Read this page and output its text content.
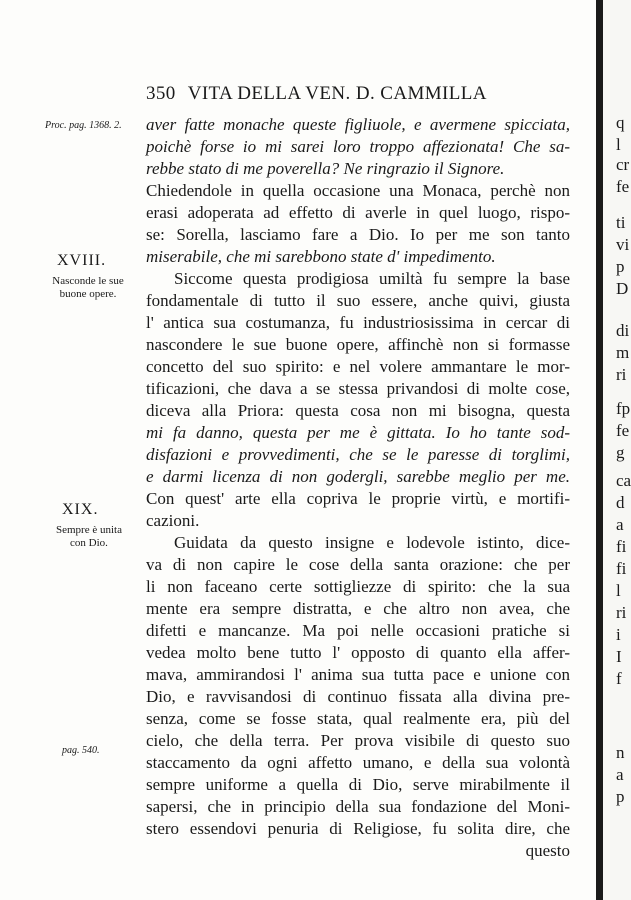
350 VITA DELLA VEN. D. CAMMILLA
Proc. pag. 1368. 2.
XVIII.
Nasconde le sue
buone opere.
XIX.
Sempre è unita
con Dio.
pag. 540.
aver fatte monache queste figliuole, e avermene spicciata,
poichè forse io mi sarei loro troppo affezionata! Che sa-
rebbe stato di me poverella? Ne ringrazio il Signore.
Chiedendole in quella occasione una Monaca, perchè non
erasi adoperata ad effetto di averle in quel luogo, rispo-
se: Sorella, lasciamo fare a Dio. Io per me son tanto
miserabile, che mi sarebbono state d' impedimento.
Siccome questa prodigiosa umiltà fu sempre la base
fondamentale di tutto il suo essere, anche quivi, giusta
l' antica sua costumanza, fu industriosissima in cercar di
nascondere le sue buone opere, affinchè non si formasse
concetto del suo spirito: e nel volere ammantare le mor-
tificazioni, che dava a se stessa privandosi di molte cose,
diceva alla Priora: questa cosa non mi bisogna, questa
mi fa danno, questa per me è gittata. Io ho tante sod-
disfazioni e provvedimenti, che se le paresse di torglimi,
e darmi licenza di non godergli, sarebbe meglio per me.
Con quest' arte ella copriva le proprie virtù, e mortifi-
cazioni.
Guidata da questo insigne e lodevole istinto, dice-
va di non capire le cose della santa orazione: che per
li non faceano certe sottigliezze di spirito: che la sua
mente era sempre distratta, e che altro non avea, che
difetti e mancanze. Ma poi nelle occasioni pratiche si
vedea molto bene tutto l' opposto di quanto ella affer-
mava, ammirandosi l' anima sua tutta pace e unione con
Dio, e ravvisandosi di continuo fissata alla divina pre-
senza, come se fosse stata, qual realmente era, più del
cielo, che della terra. Per prova visibile di questo suo
staccamento da ogni affetto umano, e della sua volontà
sempre uniforme a quella di Dio, serve mirabilmente il
sapersi, che in principio della sua fondazione del Moni-
stero essendovi penuria di Religiose, fu solita dire, che
questo
q
l
cr
fe
ti
vi
p
D
di
m
ri
fp
fe
g
ca
d
a
fi
fi
l
ri
i
I
f
n
a
p
